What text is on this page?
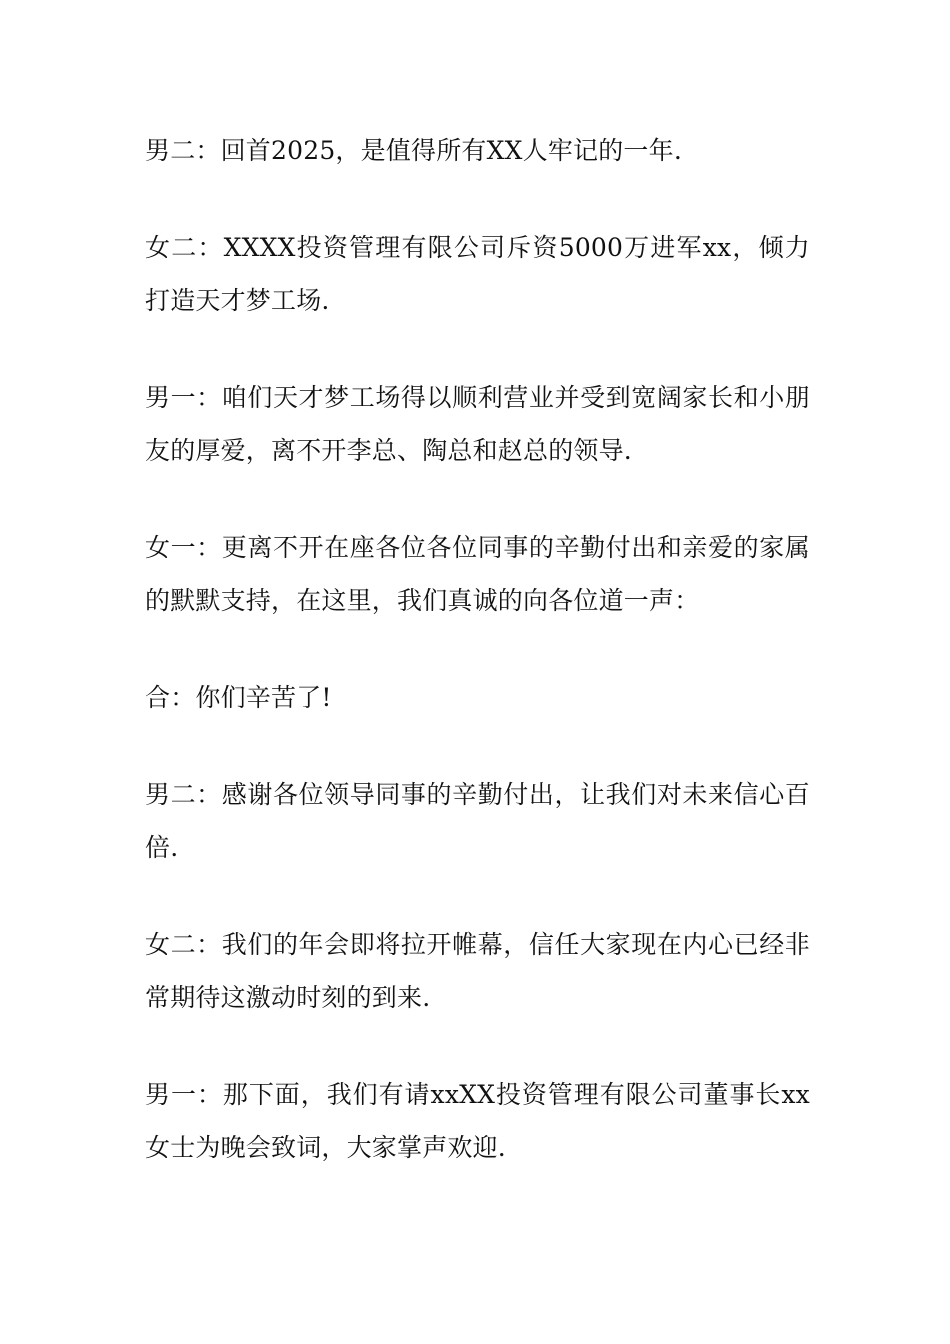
男二：回首2025，是值得所有XX人牢记的一年.

女二：XXXX投资管理有限公司斥资5000万进军xx，倾力打造天才梦工场.

男一：咱们天才梦工场得以顺利营业并受到宽阔家长和小朋友的厚爱，离不开李总、陶总和赵总的领导.

女一：更离不开在座各位各位同事的辛勤付出和亲爱的家属的默默支持，在这里，我们真诚的向各位道一声：

合：你们辛苦了!

男二：感谢各位领导同事的辛勤付出，让我们对未来信心百倍.

女二：我们的年会即将拉开帷幕，信任大家现在内心已经非常期待这激动时刻的到来.

男一：那下面，我们有请xxXX投资管理有限公司董事长xx女士为晚会致词，大家掌声欢迎.
